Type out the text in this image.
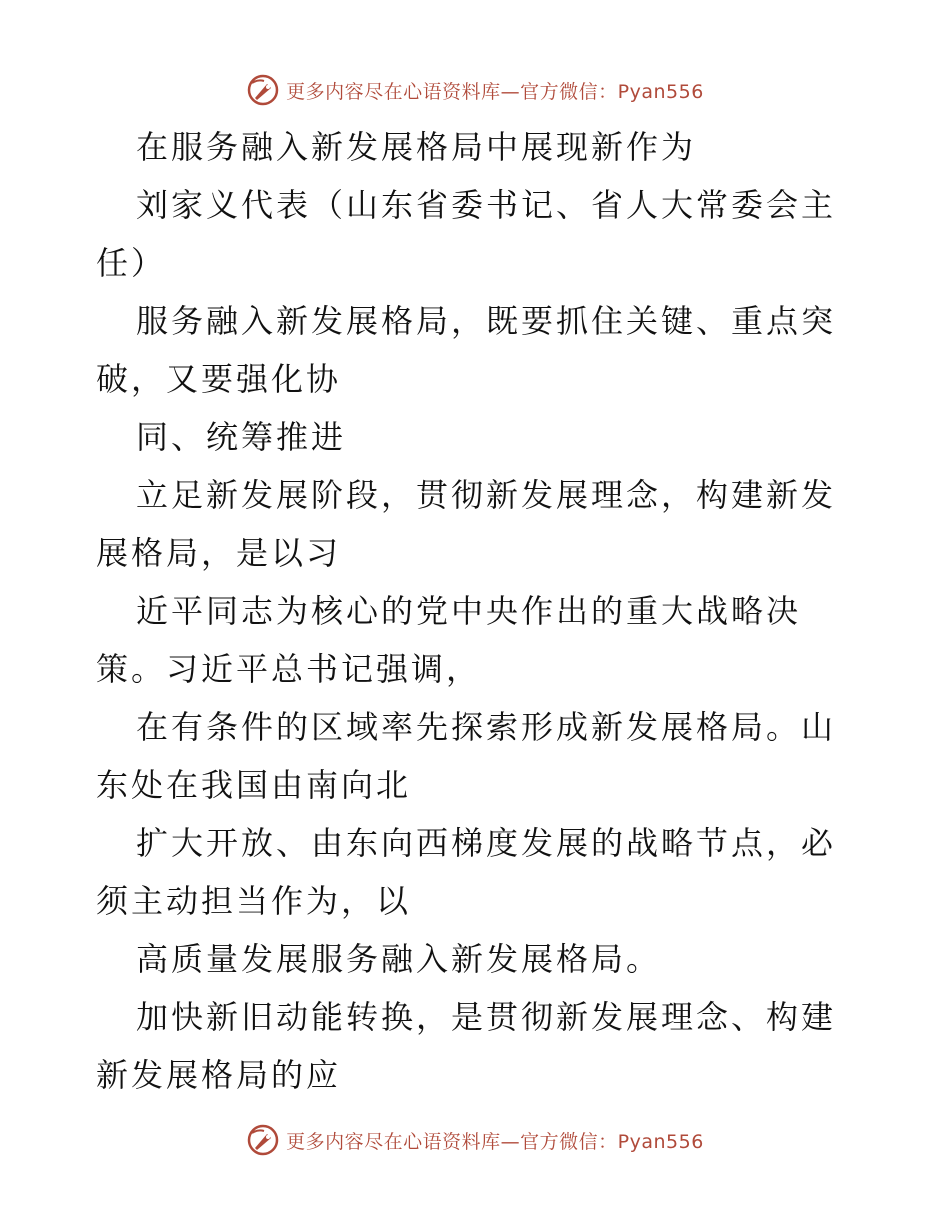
更多内容尽在心语资料库—官方微信：Pyan556

在服务融入新发展格局中展现新作为

刘家义代表（山东省委书记、省人大常委会主任）

服务融入新发展格局，既要抓住关键、重点突破，又要强化协

同、统筹推进

立足新发展阶段，贯彻新发展理念，构建新发展格局，是以习

近平同志为核心的党中央作出的重大战略决策。习近平总书记强调，

在有条件的区域率先探索形成新发展格局。山东处在我国由南向北

扩大开放、由东向西梯度发展的战略节点，必须主动担当作为，以

高质量发展服务融入新发展格局。

加快新旧动能转换，是贯彻新发展理念、构建新发展格局的应

更多内容尽在心语资料库—官方微信：Pyan556
